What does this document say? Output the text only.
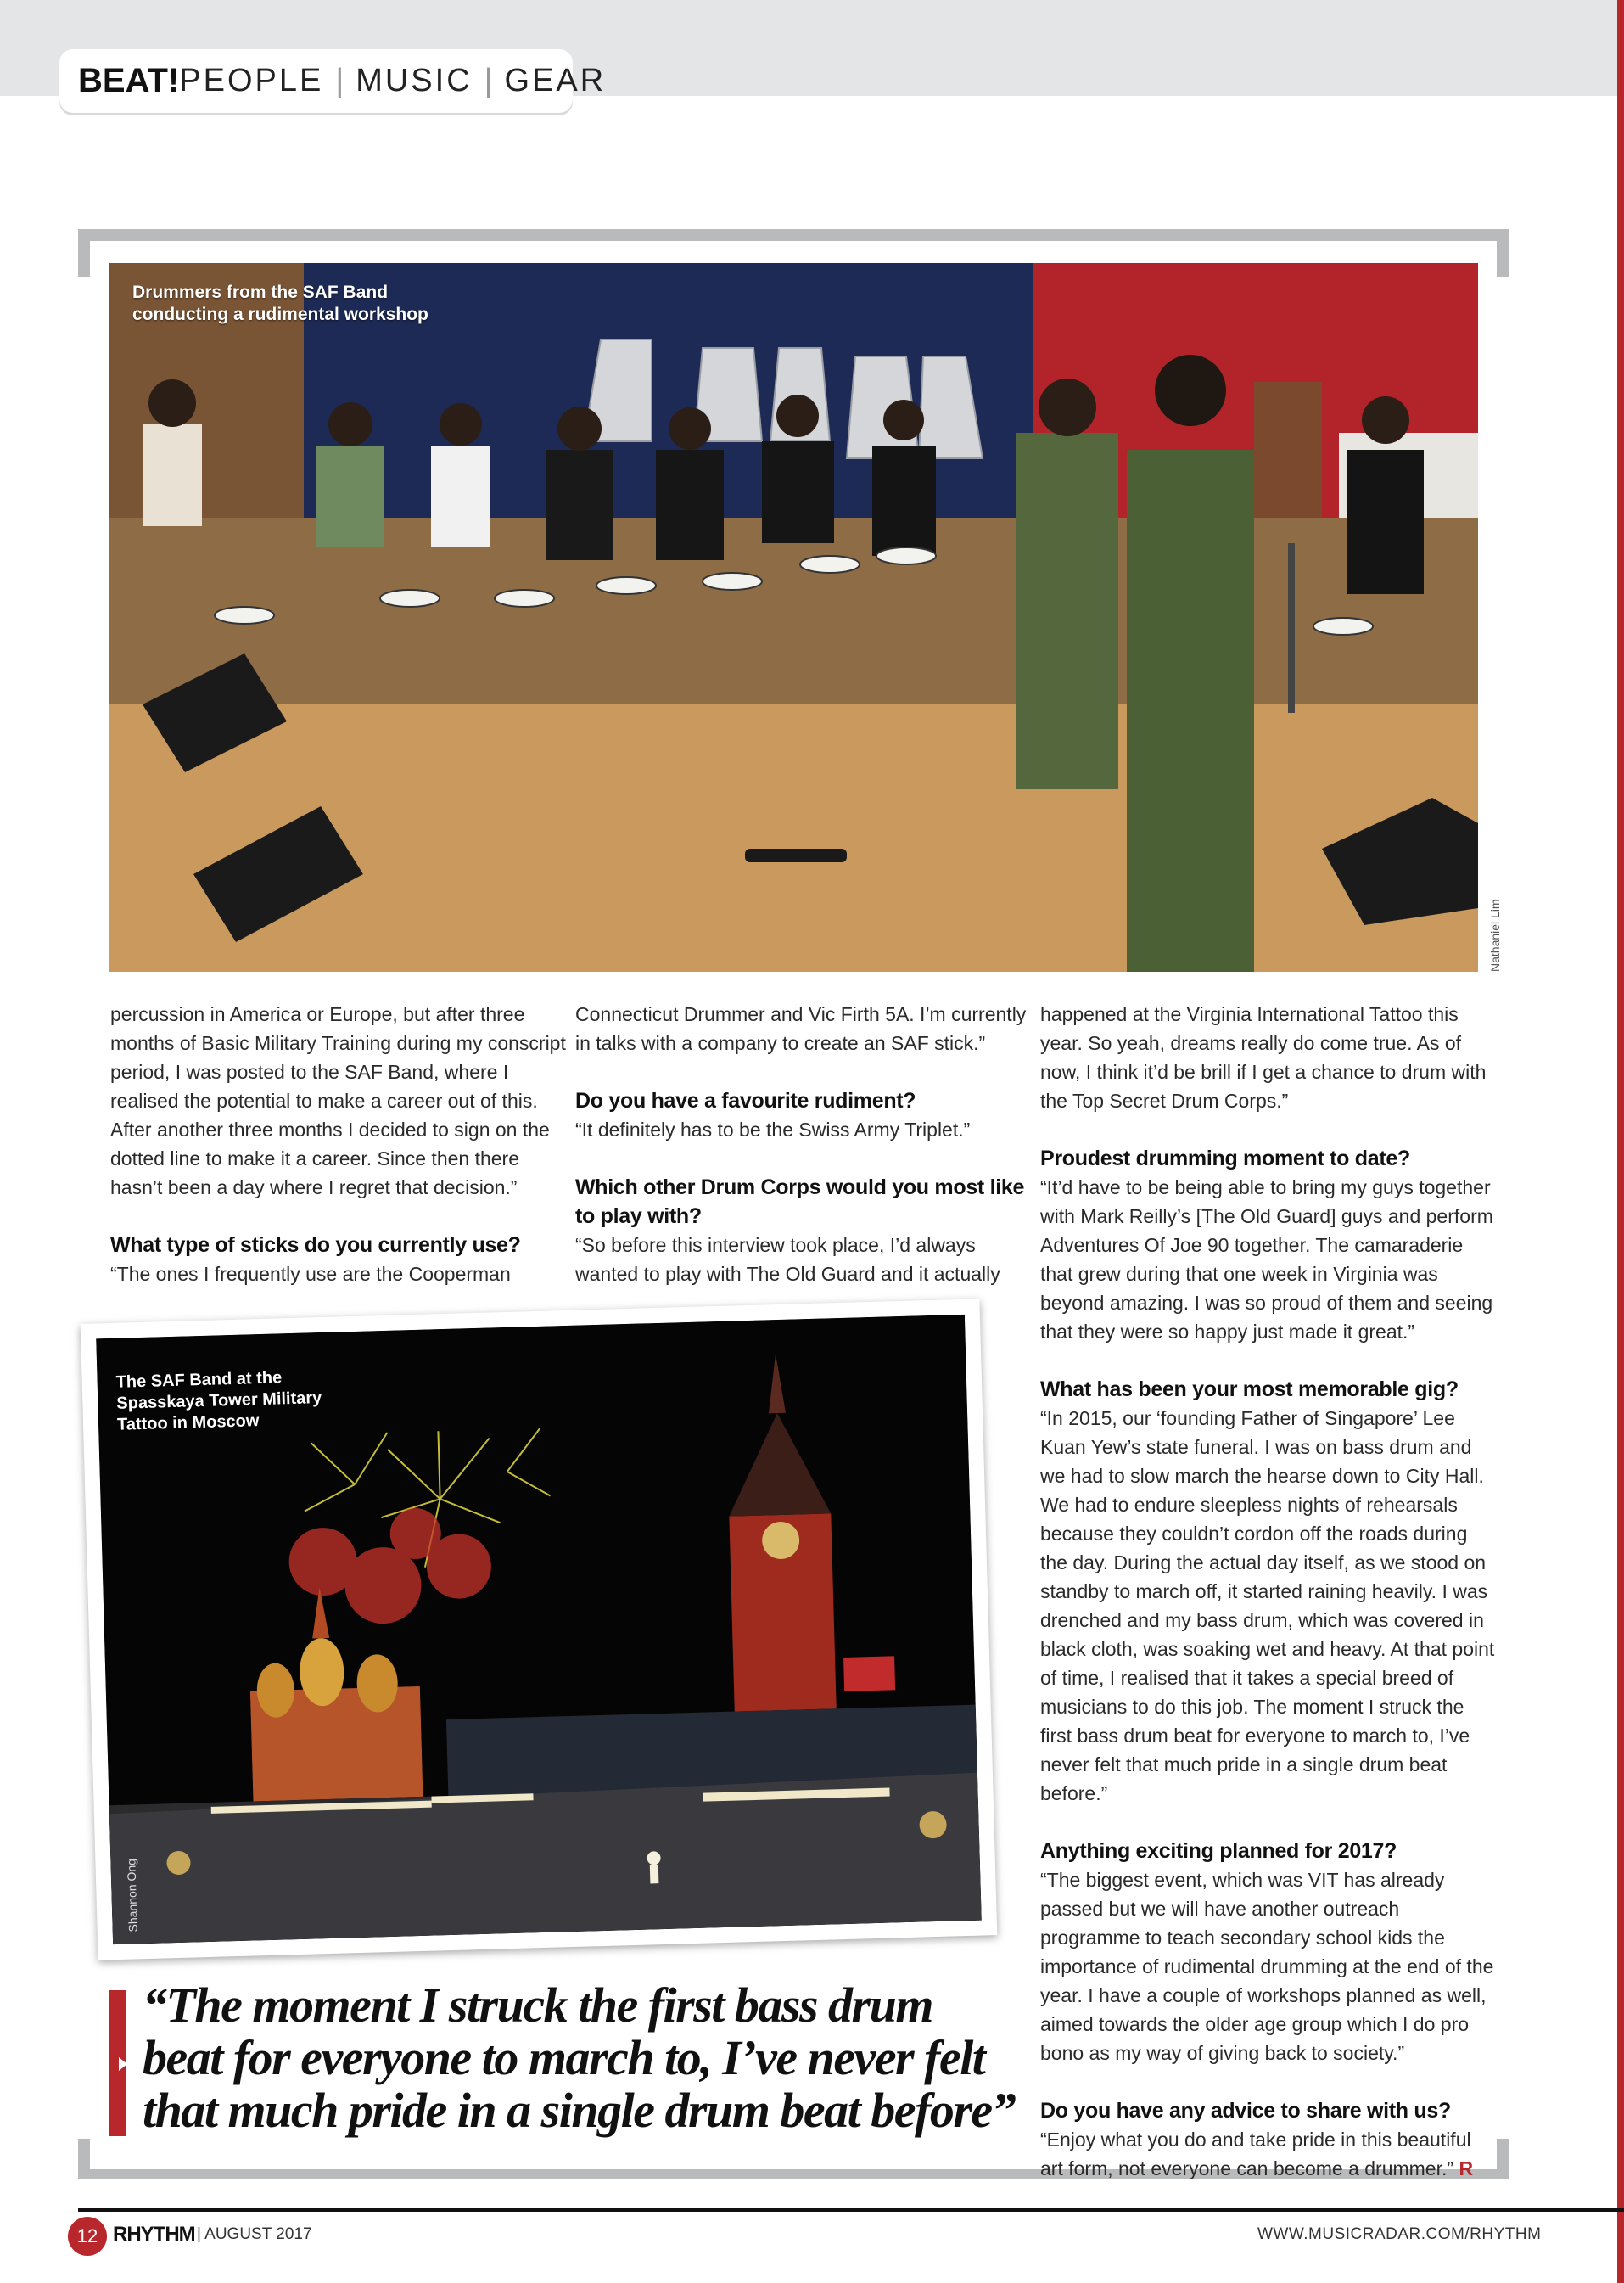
BEAT! PEOPLE | MUSIC | GEAR
Drummers from the SAF Band
conducting a rudimental workshop
Nathaniel Lim

percussion in America or Europe, but after three months of Basic Military Training during my conscript period, I was posted to the SAF Band, where I realised the potential to make a career out of this. After another three months I decided to sign on the dotted line to make it a career. Since then there hasn’t been a day where I regret that decision.”

What type of sticks do you currently use?
“The ones I frequently use are the Cooperman

Connecticut Drummer and Vic Firth 5A. I’m currently in talks with a company to create an SAF stick.”

Do you have a favourite rudiment?
“It definitely has to be the Swiss Army Triplet.”
Which other Drum Corps would you most like to play with?
“So before this interview took place, I’d always wanted to play with The Old Guard and it actually

happened at the Virginia International Tattoo this year. So yeah, dreams really do come true. As of now, I think it’d be brill if I get a chance to drum with the Top Secret Drum Corps.”

Proudest drumming moment to date?
“It’d have to be being able to bring my guys together with Mark Reilly’s [The Old Guard] guys and perform Adventures Of Joe 90 together. The camaraderie that grew during that one week in Virginia was beyond amazing. I was so proud of them and seeing that they were so happy just made it great.”
What has been your most memorable gig?
“In 2015, our ‘founding Father of Singapore’ Lee Kuan Yew’s state funeral. I was on bass drum and we had to slow march the hearse down to City Hall. We had to endure sleepless nights of rehearsals because they couldn’t cordon off the roads during the day. During the actual day itself, as we stood on standby to march off, it started raining heavily. I was drenched and my bass drum, which was covered in black cloth, was soaking wet and heavy. At that point of time, I realised that it takes a special breed of musicians to do this job. The moment I struck the first bass drum beat for everyone to march to, I’ve never felt that much pride in a single drum beat before.”
Anything exciting planned for 2017?
“The biggest event, which was VIT has already passed but we will have another outreach programme to teach secondary school kids the importance of rudimental drumming at the end of the year. I have a couple of workshops planned as well, aimed towards the older age group which I do pro bono as my way of giving back to society.”
Do you have any advice to share with us?
“Enjoy what you do and take pride in this beautiful art form, not everyone can become a drummer.” R
The SAF Band at the
Spasskaya Tower Military
Tattoo in Moscow
Shannon Ong
“The moment I struck the first bass drum beat for everyone to march to, I’ve never felt that much pride in a single drum beat before”
12 RHYTHM | AUGUST 2017	WWW.MUSICRADAR.COM/RHYTHM
